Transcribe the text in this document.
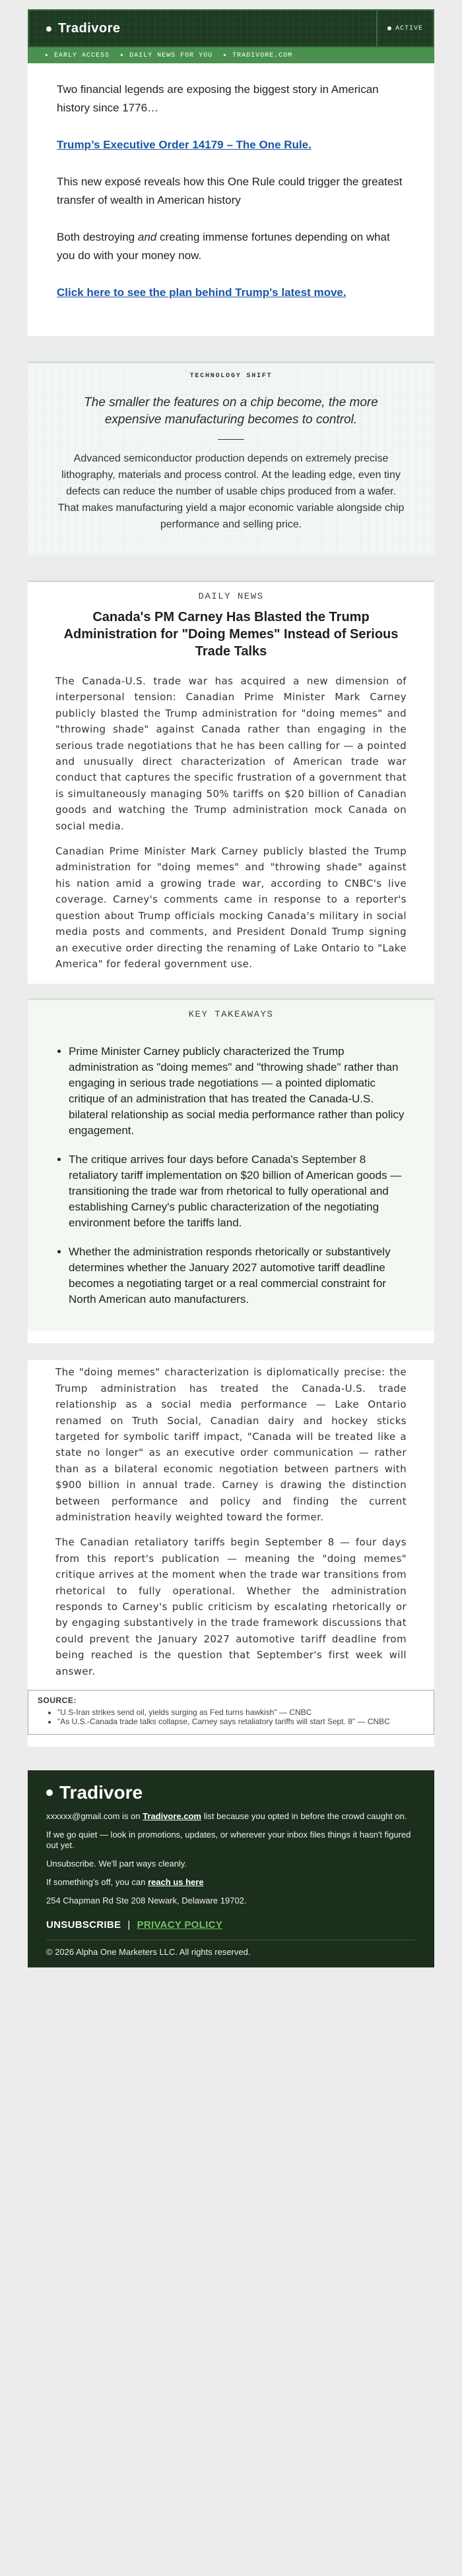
Tradivore	ACTIVE
▸ EARLY ACCESS ▸ DAILY NEWS FOR YOU ▸ TRADIVORE.COM

Two financial legends are exposing the biggest story in American history since 1776…

Trump’s Executive Order 14179 – The One Rule.

This new exposé reveals how this One Rule could trigger the greatest transfer of wealth in American history

Both destroying and creating immense fortunes depending on what you do with your money now.

Click here to see the plan behind Trump's latest move.

TECHNOLOGY SHIFT
The smaller the features on a chip become, the more expensive manufacturing becomes to control.
Advanced semiconductor production depends on extremely precise lithography, materials and process control. At the leading edge, even tiny defects can reduce the number of usable chips produced from a wafer. That makes manufacturing yield a major economic variable alongside chip performance and selling price.
DAILY NEWS
Canada's PM Carney Has Blasted the Trump Administration for "Doing Memes" Instead of Serious Trade Talks

The Canada-U.S. trade war has acquired a new dimension of interpersonal tension: Canadian Prime Minister Mark Carney publicly blasted the Trump administration for "doing memes" and "throwing shade" against Canada rather than engaging in the serious trade negotiations that he has been calling for — a pointed and unusually direct characterization of American trade war conduct that captures the specific frustration of a government that is simultaneously managing 50% tariffs on $20 billion of Canadian goods and watching the Trump administration mock Canada on social media.

Canadian Prime Minister Mark Carney publicly blasted the Trump administration for "doing memes" and "throwing shade" against his nation amid a growing trade war, according to CNBC's live coverage. Carney's comments came in response to a reporter's question about Trump officials mocking Canada's military in social media posts and comments, and President Donald Trump signing an executive order directing the renaming of Lake Ontario to "Lake America" for federal government use.

KEY TAKEAWAYS
• Prime Minister Carney publicly characterized the Trump administration as "doing memes" and "throwing shade" rather than engaging in serious trade negotiations — a pointed diplomatic critique of an administration that has treated the Canada-U.S. bilateral relationship as social media performance rather than policy engagement.
• The critique arrives four days before Canada's September 8 retaliatory tariff implementation on $20 billion of American goods — transitioning the trade war from rhetorical to fully operational and establishing Carney's public characterization of the negotiating environment before the tariffs land.
• Whether the administration responds rhetorically or substantively determines whether the January 2027 automotive tariff deadline becomes a negotiating target or a real commercial constraint for North American auto manufacturers.

The "doing memes" characterization is diplomatically precise: the Trump administration has treated the Canada-U.S. trade relationship as a social media performance — Lake Ontario renamed on Truth Social, Canadian dairy and hockey sticks targeted for symbolic tariff impact, "Canada will be treated like a state no longer" as an executive order communication — rather than as a bilateral economic negotiation between partners with $900 billion in annual trade. Carney is drawing the distinction between performance and policy and finding the current administration heavily weighted toward the former.

The Canadian retaliatory tariffs begin September 8 — four days from this report's publication — meaning the "doing memes" critique arrives at the moment when the trade war transitions from rhetorical to fully operational. Whether the administration responds to Carney's public criticism by escalating rhetorically or by engaging substantively in the trade framework discussions that could prevent the January 2027 automotive tariff deadline from being reached is the question that September's first week will answer.

SOURCE:
• "U.S-Iran strikes send oil, yields surging as Fed turns hawkish" — CNBC
• "As U.S.-Canada trade talks collapse, Carney says retaliatory tariffs will start Sept. 8" — CNBC
Tradivore

xxxxxx@gmail.com is on Tradivore.com list because you opted in before the crowd caught on.

If we go quiet — look in promotions, updates, or wherever your inbox files things it hasn't figured out yet.

Unsubscribe. We'll part ways cleanly.

If something's off, you can reach us here

254 Chapman Rd Ste 208 Newark, Delaware 19702.

UNSUBSCRIBE | PRIVACY POLICY
© 2026 Alpha One Marketers LLC. All rights reserved.
